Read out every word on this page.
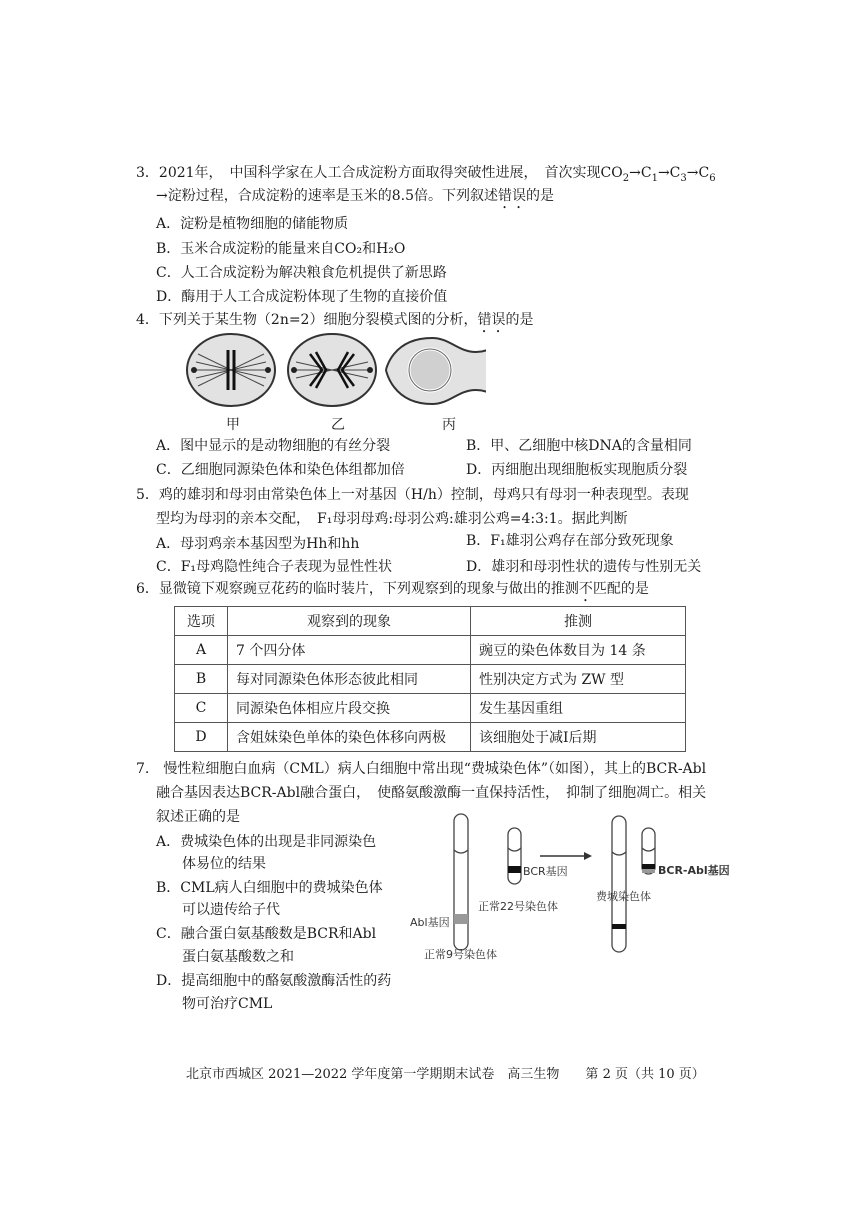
3．2021年，　中国科学家在人工合成淀粉方面取得突破性进展，　首次实现$CO_2\to C_1\to C_3\to C_6$
→淀粉过程，合成淀粉的速率是玉米的8.5倍。下列叙述错误的是
A．淀粉是植物细胞的储能物质
B．玉米合成淀粉的能量来自CO₂和H₂O
C．人工合成淀粉为解决粮食危机提供了新思路
D．酶用于人工合成淀粉体现了生物的直接价值
4．下列关于某生物（2n=2）细胞分裂模式图的分析，错误的是
甲	乙	丙
A．图中显示的是动物细胞的有丝分裂	B．甲、乙细胞中核DNA的含量相同
C．乙细胞同源染色体和染色体组都加倍	D．丙细胞出现细胞板实现胞质分裂
5．鸡的雄羽和母羽由常染色体上一对基因（H/h）控制，母鸡只有母羽一种表现型。表现
型均为母羽的亲本交配，　F₁母羽母鸡:母羽公鸡:雄羽公鸡=4:3:1。据此判断
A．母羽鸡亲本基因型为Hh和hh	B．F₁雄羽公鸡存在部分致死现象
C．F₁母鸡隐性纯合子表现为显性性状	D．雄羽和母羽性状的遗传与性别无关
6．显微镜下观察豌豆花药的临时装片，下列观察到的现象与做出的推测不匹配的是
选项	观察到的现象	推测
A	7 个四分体	豌豆的染色体数目为 14 条
B	每对同源染色体形态彼此相同	性别决定方式为 ZW 型
C	同源染色体相应片段交换	发生基因重组
D	含姐妹染色单体的染色体移向两极	该细胞处于减Ⅰ后期
7.　慢性粒细胞白血病（CML）病人白细胞中常出现“费城染色体”（如图），其上的BCR-Abl
融合基因表达BCR-Abl融合蛋白，　使酪氨酸激酶一直保持活性，　抑制了细胞凋亡。相关
叙述正确的是
A．费城染色体的出现是非同源染色
体易位的结果
B．CML病人白细胞中的费城染色体
可以遗传给子代
C．融合蛋白氨基酸数是BCR和Abl
蛋白氨基酸数之和
D．提高细胞中的酪氨酸激酶活性的药
物可治疗CML
Abl基因
正常9号染色体
BCR基因
正常22号染色体
费城染色体
BCR-Abl基因
北京市西城区 2021—2022 学年度第一学期期末试卷　高三生物　　第 2 页（共 10 页）
